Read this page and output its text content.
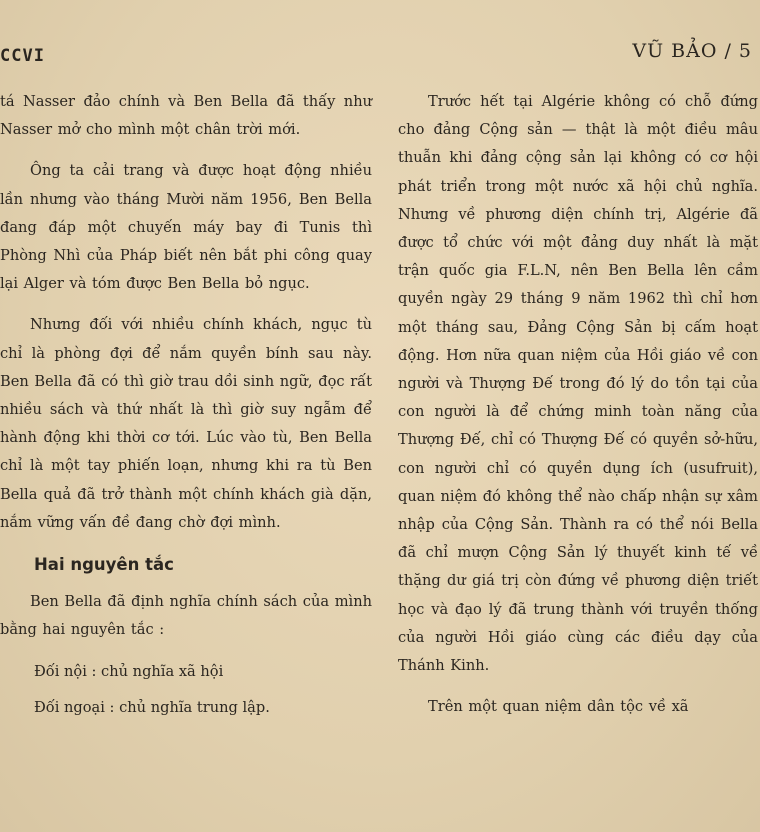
CCVI	VŨ BẢO / 5

tá Nasser đảo chính và Ben Bella đã thấy như Nasser mở cho mình một chân trời mới.

Ông ta cải trang và được hoạt động nhiều lần nhưng vào tháng Mười năm 1956, Ben Bella đang đáp một chuyến máy bay đi Tunis thì Phòng Nhì của Pháp biết nên bắt phi công quay lại Alger và tóm được Ben Bella bỏ ngục.

Nhưng đối với nhiều chính khách, ngục tù chỉ là phòng đợi để nắm quyền bính sau này. Ben Bella đã có thì giờ trau dồi sinh ngữ, đọc rất nhiều sách và thứ nhất là thì giờ suy ngẫm để hành động khi thời cơ tới. Lúc vào tù, Ben Bella chỉ là một tay phiến loạn, nhưng khi ra tù Ben Bella quả đã trở thành một chính khách già dặn, nắm vững vấn đề đang chờ đợi mình.

Hai nguyên tắc

Ben Bella đã định nghĩa chính sách của mình bằng hai nguyên tắc :

Đối nội : chủ nghĩa xã hội
Đối ngoại : chủ nghĩa trung lập.

Trước hết tại Algérie không có chỗ đứng cho đảng Cộng sản — thật là một điều mâu thuẫn khi đảng cộng sản lại không có cơ hội phát triển trong một nước xã hội chủ nghĩa. Nhưng về phương diện chính trị, Algérie đã được tổ chức với một đảng duy nhất là mặt trận quốc gia F.L.N, nên Ben Bella lên cầm quyền ngày 29 tháng 9 năm 1962 thì chỉ hơn một tháng sau, Đảng Cộng Sản bị cấm hoạt động. Hơn nữa quan niệm của Hồi giáo về con người và Thượng Đế trong đó lý do tồn tại của con người là để chứng minh toàn năng của Thượng Đế, chỉ có Thượng Đế có quyền sở-hữu, con người chỉ có quyền dụng ích (usufruit), quan niệm đó không thể nào chấp nhận sự xâm nhập của Cộng Sản. Thành ra có thể nói Bella đã chỉ mượn Cộng Sản lý thuyết kinh tế về thặng dư giá trị còn đứng về phương diện triết học và đạo lý đã trung thành với truyền thống của người Hồi giáo cùng các điều dạy của Thánh Kinh.

Trên một quan niệm dân tộc về xã
